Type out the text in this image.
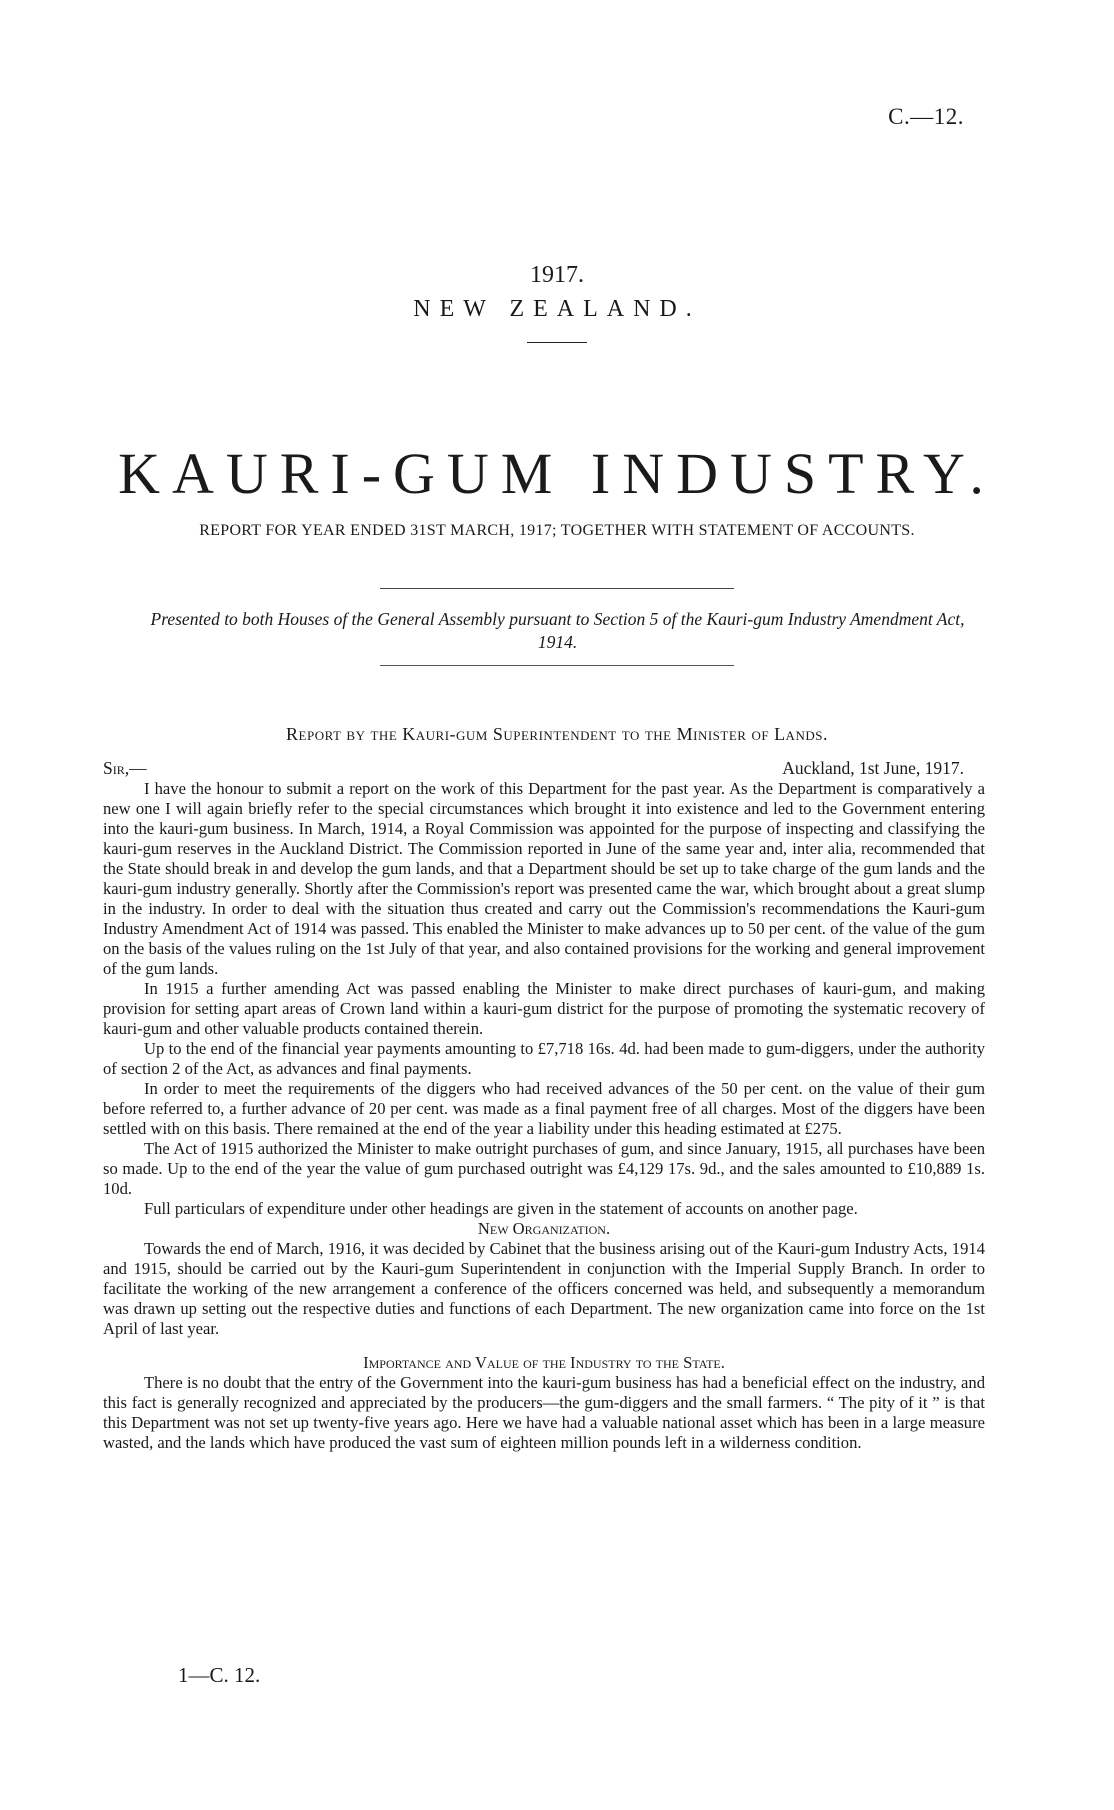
C.—12.
1917.
NEW ZEALAND.
KAURI-GUM INDUSTRY.
REPORT FOR YEAR ENDED 31ST MARCH, 1917; TOGETHER WITH STATEMENT OF ACCOUNTS.
Presented to both Houses of the General Assembly pursuant to Section 5 of the Kauri-gum Industry Amendment Act, 1914.
Report by the Kauri-gum Superintendent to the Minister of Lands.
Sir,—	Auckland, 1st June, 1917.

I have the honour to submit a report on the work of this Department for the past year. As the Department is comparatively a new one I will again briefly refer to the special circumstances which brought it into existence and led to the Government entering into the kauri-gum business. In March, 1914, a Royal Commission was appointed for the purpose of inspecting and classifying the kauri-gum reserves in the Auckland District. The Commission reported in June of the same year and, inter alia, recommended that the State should break in and develop the gum lands, and that a Department should be set up to take charge of the gum lands and the kauri-gum industry generally. Shortly after the Commission's report was presented came the war, which brought about a great slump in the industry. In order to deal with the situation thus created and carry out the Commission's recommendations the Kauri-gum Industry Amendment Act of 1914 was passed. This enabled the Minister to make advances up to 50 per cent. of the value of the gum on the basis of the values ruling on the 1st July of that year, and also contained provisions for the working and general improvement of the gum lands.

In 1915 a further amending Act was passed enabling the Minister to make direct purchases of kauri-gum, and making provision for setting apart areas of Crown land within a kauri-gum district for the purpose of promoting the systematic recovery of kauri-gum and other valuable products contained therein.

Up to the end of the financial year payments amounting to £7,718 16s. 4d. had been made to gum-diggers, under the authority of section 2 of the Act, as advances and final payments.

In order to meet the requirements of the diggers who had received advances of the 50 per cent. on the value of their gum before referred to, a further advance of 20 per cent. was made as a final payment free of all charges. Most of the diggers have been settled with on this basis. There remained at the end of the year a liability under this heading estimated at £275.

The Act of 1915 authorized the Minister to make outright purchases of gum, and since January, 1915, all purchases have been so made. Up to the end of the year the value of gum purchased outright was £4,129 17s. 9d., and the sales amounted to £10,889 1s. 10d.

Full particulars of expenditure under other headings are given in the statement of accounts on another page.

New Organization.

Towards the end of March, 1916, it was decided by Cabinet that the business arising out of the Kauri-gum Industry Acts, 1914 and 1915, should be carried out by the Kauri-gum Superintendent in conjunction with the Imperial Supply Branch. In order to facilitate the working of the new arrangement a conference of the officers concerned was held, and subsequently a memorandum was drawn up setting out the respective duties and functions of each Department. The new organization came into force on the 1st April of last year.

Importance and Value of the Industry to the State.

There is no doubt that the entry of the Government into the kauri-gum business has had a beneficial effect on the industry, and this fact is generally recognized and appreciated by the producers—the gum-diggers and the small farmers. “ The pity of it ” is that this Department was not set up twenty-five years ago. Here we have had a valuable national asset which has been in a large measure wasted, and the lands which have produced the vast sum of eighteen million pounds left in a wilderness condition.

1—C. 12.
